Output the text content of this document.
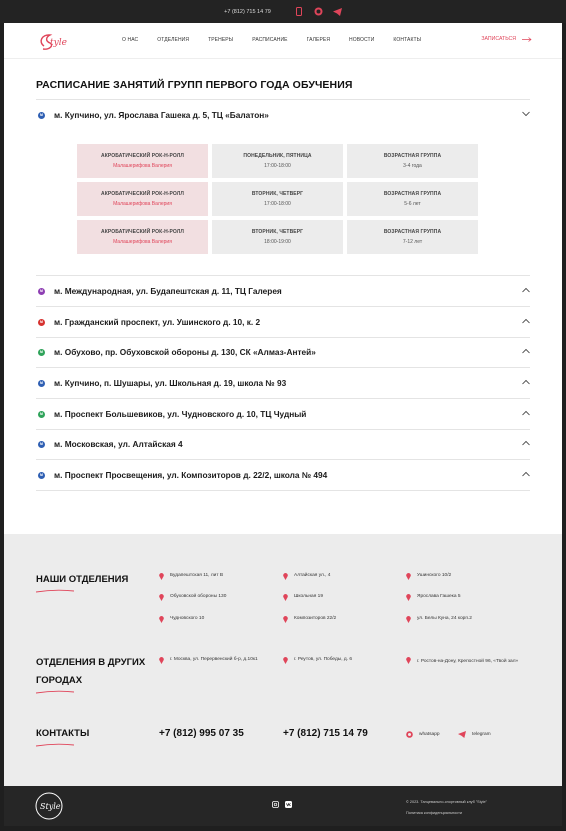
+7 (812) 715 14 79
tyle	О НАС	ОТДЕЛЕНИЯ	ТРЕНЕРЫ	РАСПИСАНИЕ	ГАЛЕРЕЯ	НОВОСТИ	КОНТАКТЫ	ЗАПИСАТЬСЯ
РАСПИСАНИЕ ЗАНЯТИЙ ГРУПП ПЕРВОГО ГОДА ОБУЧЕНИЯ
M м. Купчино, ул. Ярослава Гашека д. 5, ТЦ «Балатон»
АКРОБАТИЧЕСКИЙ РОК-Н-РОЛЛ
Малашерифова Валерия
ПОНЕДЕЛЬНИК, ПЯТНИЦА
17:00-18:00
ВОЗРАСТНАЯ ГРУППА
3-4 года
АКРОБАТИЧЕСКИЙ РОК-Н-РОЛЛ
Малашерифова Валерия
ВТОРНИК, ЧЕТВЕРГ
17:00-18:00
ВОЗРАСТНАЯ ГРУППА
5-6 лет
АКРОБАТИЧЕСКИЙ РОК-Н-РОЛЛ
Малашерифова Валерия
ВТОРНИК, ЧЕТВЕРГ
18:00-19:00
ВОЗРАСТНАЯ ГРУППА
7-12 лет
M м. Международная, ул. Будапештская д. 11, ТЦ Галерея
M м. Гражданский проспект, ул. Ушинского д. 10, к. 2
M м. Обухово, пр. Обуховской обороны д. 130, СК «Алмаз-Антей»
M м. Купчино, п. Шушары, ул. Школьная д. 19, школа № 93
M м. Проспект Большевиков, ул. Чудновского д. 10, ТЦ Чудный
M м. Московская, ул. Алтайская 4
M м. Проспект Просвещения, ул. Композиторов д. 22/2, школа № 494
НАШИ ОТДЕЛЕНИЯ
ОТДЕЛЕНИЯ В ДРУГИХ
ГОРОДАХ
г. Москва, ул. Перервенский б-р, д.10к1	г. Реутов, ул. Победы, д. 6	г. Ростов-на-Дону, Крепостной 96, «Твой зал»
КОНТАКТЫ	+7 (812) 995 07 35	+7 (812) 715 14 79	whatsapp	telegram
Будапештская 11, лит В	Алтайская ул., 4	Ушинского 10/2
Обуховской обороны 130	Школьная 19	Ярослава Гашека 5
Чудновского 10	Композиторов 22/2	ул. Белы Куна, 24 корп.2
Style	© 2023. Танцевально-спортивный клуб "Style"
Политика конфиденциальности
